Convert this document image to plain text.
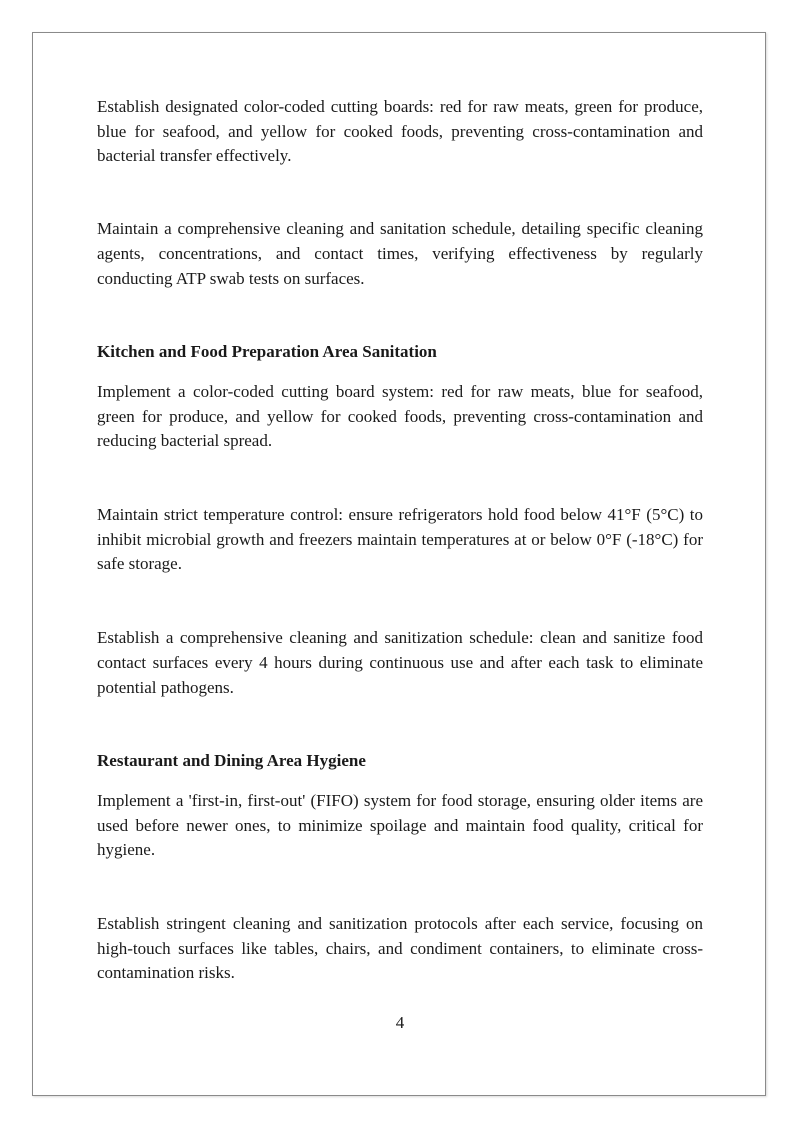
Establish designated color-coded cutting boards: red for raw meats, green for produce, blue for seafood, and yellow for cooked foods, preventing cross-contamination and bacterial transfer effectively.

Maintain a comprehensive cleaning and sanitation schedule, detailing specific cleaning agents, concentrations, and contact times, verifying effectiveness by regularly conducting ATP swab tests on surfaces.

Kitchen and Food Preparation Area Sanitation

Implement a color-coded cutting board system: red for raw meats, blue for seafood, green for produce, and yellow for cooked foods, preventing cross-contamination and reducing bacterial spread.

Maintain strict temperature control: ensure refrigerators hold food below 41°F (5°C) to inhibit microbial growth and freezers maintain temperatures at or below 0°F (-18°C) for safe storage.

Establish a comprehensive cleaning and sanitization schedule: clean and sanitize food contact surfaces every 4 hours during continuous use and after each task to eliminate potential pathogens.

Restaurant and Dining Area Hygiene

Implement a 'first-in, first-out' (FIFO) system for food storage, ensuring older items are used before newer ones, to minimize spoilage and maintain food quality, critical for hygiene.

Establish stringent cleaning and sanitization protocols after each service, focusing on high-touch surfaces like tables, chairs, and condiment containers, to eliminate cross-contamination risks.

4
